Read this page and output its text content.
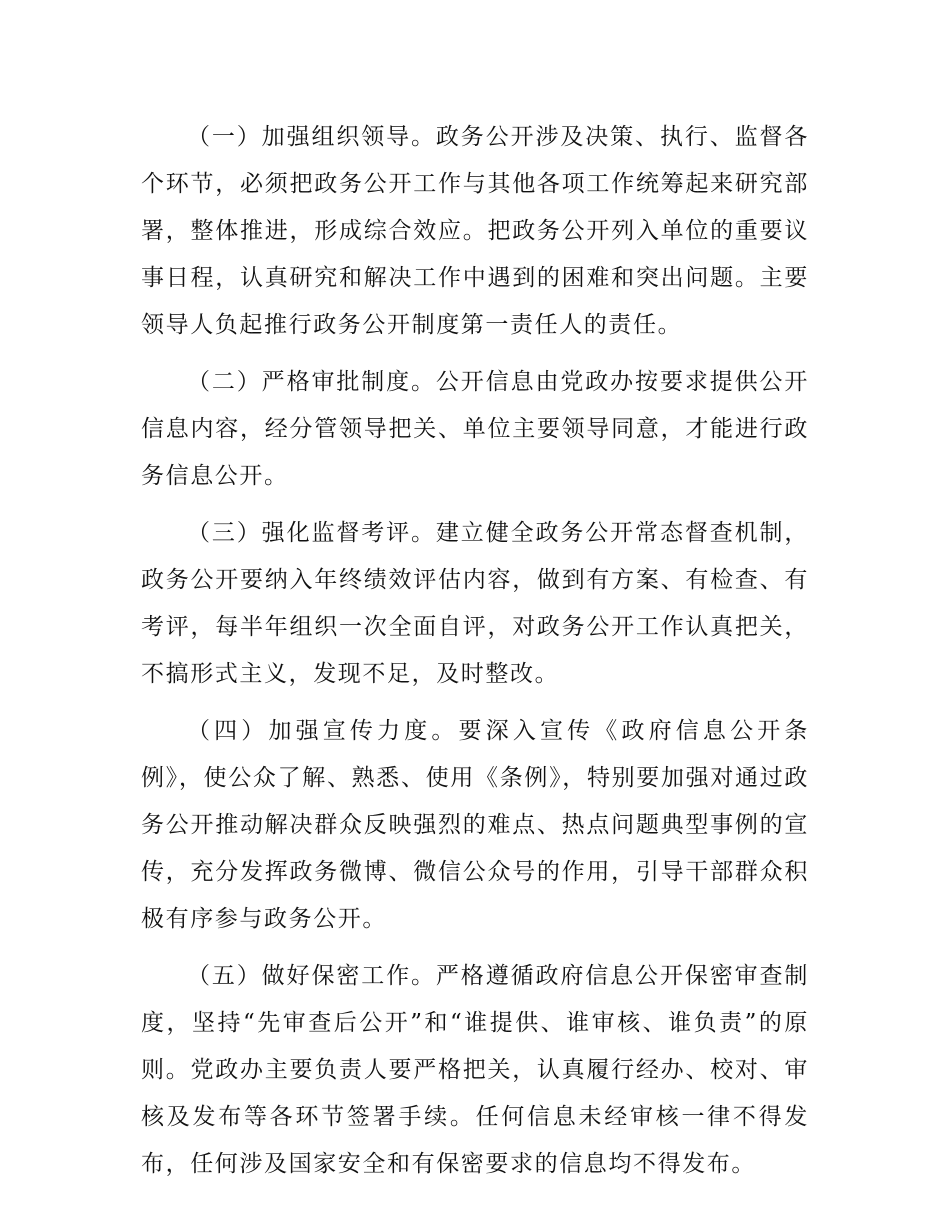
（一）加强组织领导。政务公开涉及决策、执行、监督各个环节，必须把政务公开工作与其他各项工作统筹起来研究部署，整体推进，形成综合效应。把政务公开列入单位的重要议事日程，认真研究和解决工作中遇到的困难和突出问题。主要领导人负起推行政务公开制度第一责任人的责任。

（二）严格审批制度。公开信息由党政办按要求提供公开信息内容，经分管领导把关、单位主要领导同意，才能进行政务信息公开。

（三）强化监督考评。建立健全政务公开常态督查机制，政务公开要纳入年终绩效评估内容，做到有方案、有检查、有考评，每半年组织一次全面自评，对政务公开工作认真把关，不搞形式主义，发现不足，及时整改。

（四）加强宣传力度。要深入宣传《政府信息公开条例》，使公众了解、熟悉、使用《条例》，特别要加强对通过政务公开推动解决群众反映强烈的难点、热点问题典型事例的宣传，充分发挥政务微博、微信公众号的作用，引导干部群众积极有序参与政务公开。

（五）做好保密工作。严格遵循政府信息公开保密审查制度，坚持“先审查后公开”和“谁提供、谁审核、谁负责”的原则。党政办主要负责人要严格把关，认真履行经办、校对、审核及发布等各环节签署手续。任何信息未经审核一律不得发布，任何涉及国家安全和有保密要求的信息均不得发布。
